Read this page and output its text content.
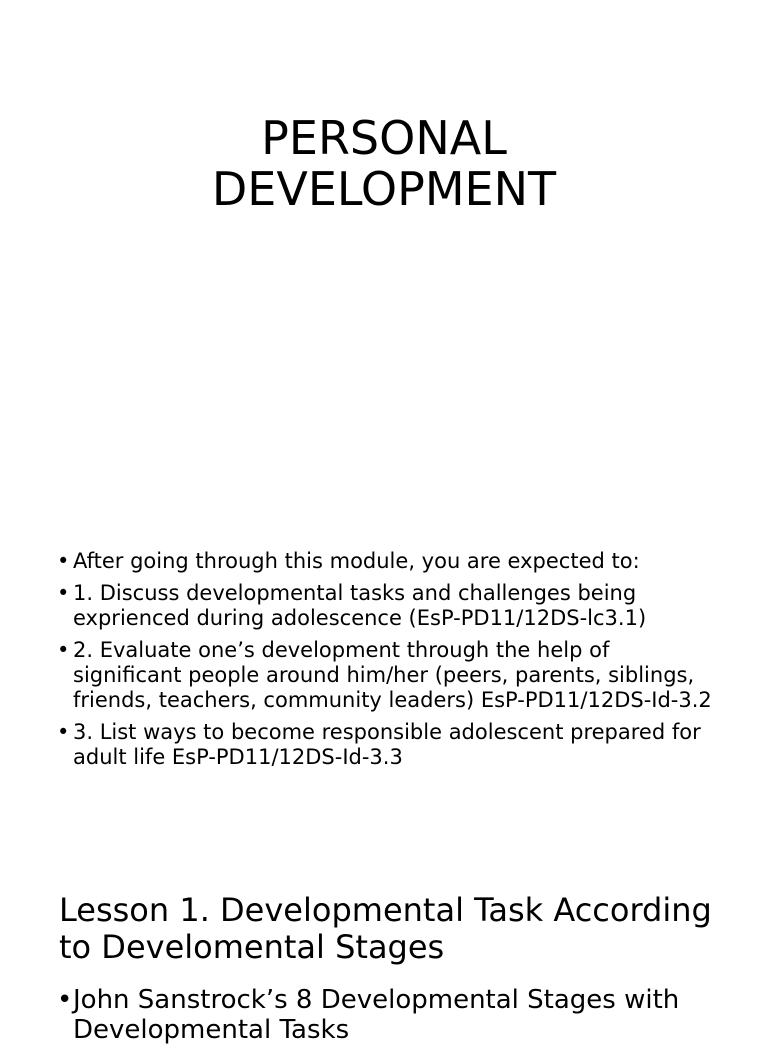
PERSONAL
DEVELOPMENT
• After going through this module, you are expected to:
• 1. Discuss developmental tasks and challenges being exprienced during adolescence (EsP-PD11/12DS-lc3.1)
• 2. Evaluate one’s development through the help of significant people around him/her (peers, parents, siblings, friends, teachers, community leaders) EsP-PD11/12DS-Id-3.2
• 3. List ways to become responsible adolescent prepared for adult life EsP-PD11/12DS-Id-3.3
Lesson 1. Developmental Task According to Develomental Stages
• John Sanstrock’s 8 Developmental Stages with Developmental Tasks
